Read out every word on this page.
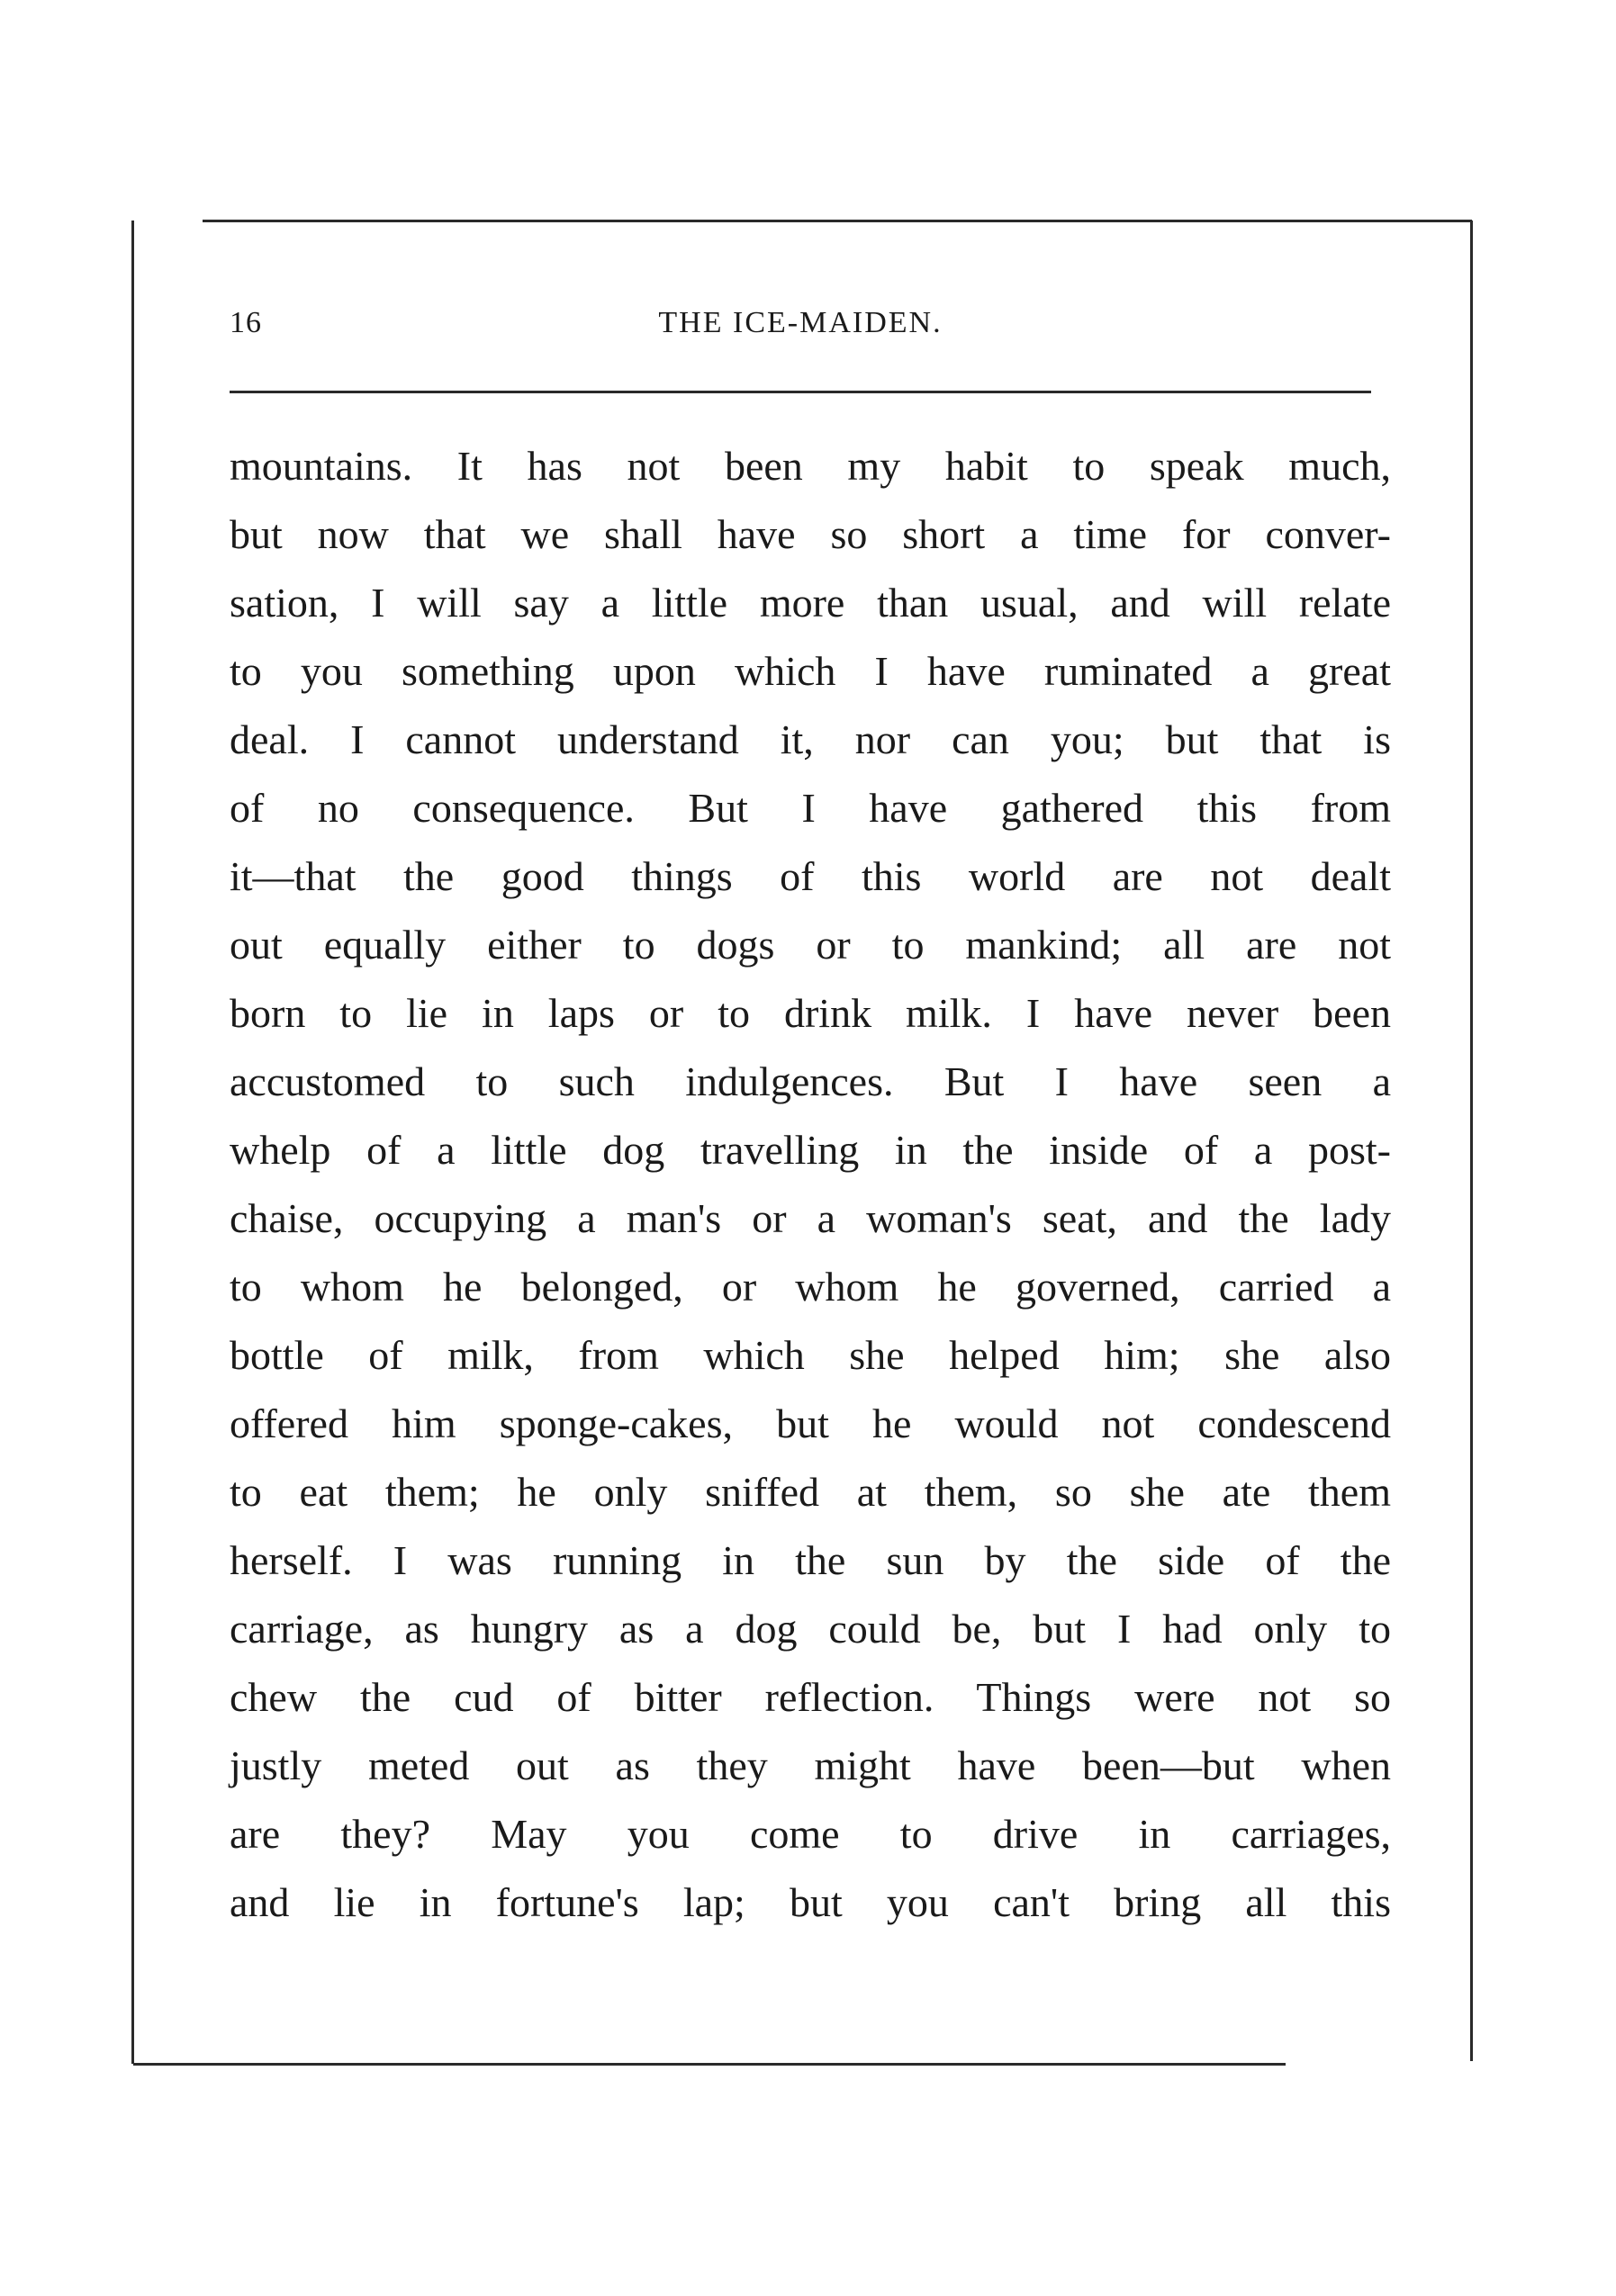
16	THE ICE-MAIDEN.
mountains. It has not been my habit to speak much,
but now that we shall have so short a time for conver-
sation, I will say a little more than usual, and will relate
to you something upon which I have ruminated a great
deal. I cannot understand it, nor can you; but that is
of no consequence. But I have gathered this from
it—that the good things of this world are not dealt
out equally either to dogs or to mankind; all are not
born to lie in laps or to drink milk. I have never been
accustomed to such indulgences. But I have seen a
whelp of a little dog travelling in the inside of a post-
chaise, occupying a man's or a woman's seat, and the lady
to whom he belonged, or whom he governed, carried a
bottle of milk, from which she helped him; she also
offered him sponge-cakes, but he would not condescend
to eat them; he only sniffed at them, so she ate them
herself. I was running in the sun by the side of the
carriage, as hungry as a dog could be, but I had only to
chew the cud of bitter reflection. Things were not so
justly meted out as they might have been—but when
are they? May you come to drive in carriages,
and lie in fortune's lap; but you can't bring all this
